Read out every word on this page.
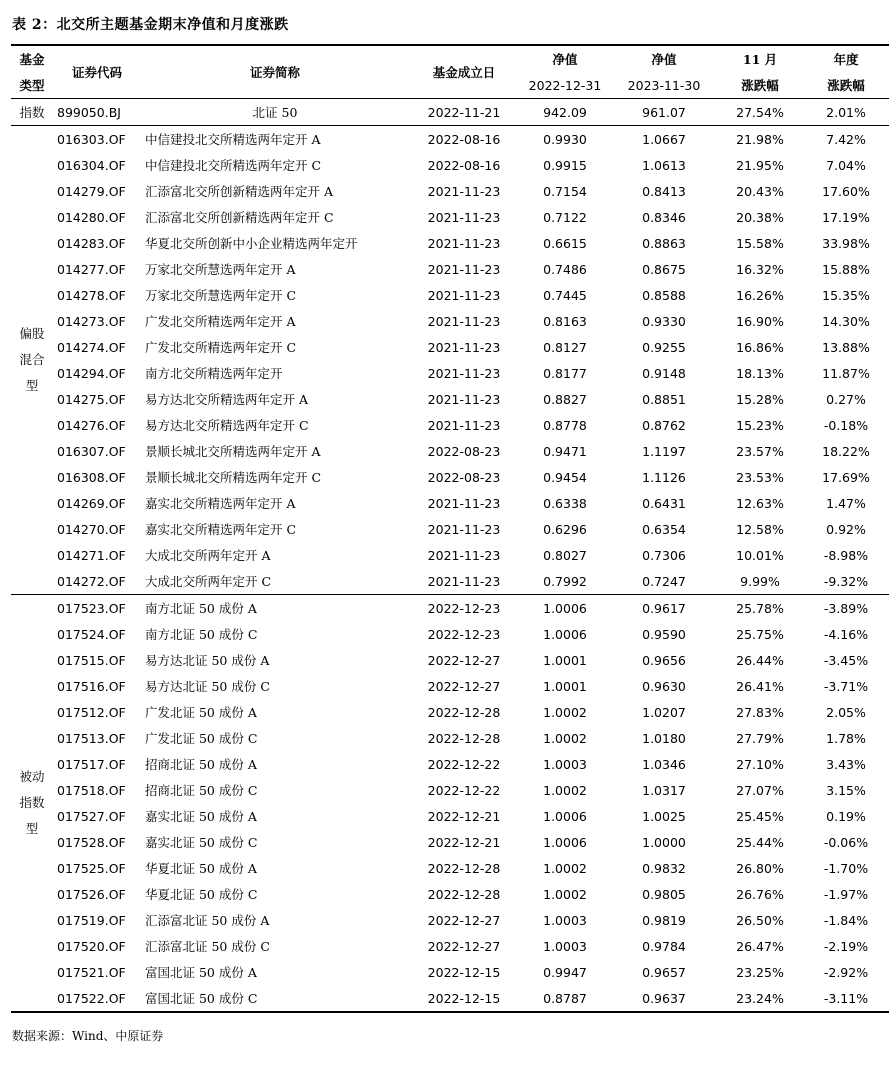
表 2：北交所主题基金期末净值和月度涨跌
基金	证券代码	证券简称	基金成立日	净值	净值	11 月	年度
类型				2022-12-31	2023-11-30	涨跌幅	涨跌幅
指数	899050.BJ	北证 50	2022-11-21	942.09	961.07	27.54%	2.01%

偏股
混合
型	016303.OF	中信建投北交所精选两年定开 A	2022-08-16	0.9930	1.0667	21.98%	7.42%
	016304.OF	中信建投北交所精选两年定开 C	2022-08-16	0.9915	1.0613	21.95%	7.04%
	014279.OF	汇添富北交所创新精选两年定开 A	2021-11-23	0.7154	0.8413	20.43%	17.60%
	014280.OF	汇添富北交所创新精选两年定开 C	2021-11-23	0.7122	0.8346	20.38%	17.19%
	014283.OF	华夏北交所创新中小企业精选两年定开	2021-11-23	0.6615	0.8863	15.58%	33.98%
	014277.OF	万家北交所慧选两年定开 A	2021-11-23	0.7486	0.8675	16.32%	15.88%
	014278.OF	万家北交所慧选两年定开 C	2021-11-23	0.7445	0.8588	16.26%	15.35%
	014273.OF	广发北交所精选两年定开 A	2021-11-23	0.8163	0.9330	16.90%	14.30%
	014274.OF	广发北交所精选两年定开 C	2021-11-23	0.8127	0.9255	16.86%	13.88%
	014294.OF	南方北交所精选两年定开	2021-11-23	0.8177	0.9148	18.13%	11.87%
	014275.OF	易方达北交所精选两年定开 A	2021-11-23	0.8827	0.8851	15.28%	0.27%
	014276.OF	易方达北交所精选两年定开 C	2021-11-23	0.8778	0.8762	15.23%	-0.18%
	016307.OF	景顺长城北交所精选两年定开 A	2022-08-23	0.9471	1.1197	23.57%	18.22%
	016308.OF	景顺长城北交所精选两年定开 C	2022-08-23	0.9454	1.1126	23.53%	17.69%
	014269.OF	嘉实北交所精选两年定开 A	2021-11-23	0.6338	0.6431	12.63%	1.47%
	014270.OF	嘉实北交所精选两年定开 C	2021-11-23	0.6296	0.6354	12.58%	0.92%
	014271.OF	大成北交所两年定开 A	2021-11-23	0.8027	0.7306	10.01%	-8.98%
	014272.OF	大成北交所两年定开 C	2021-11-23	0.7992	0.7247	9.99%	-9.32%

被动
指数
型	017523.OF	南方北证 50 成份 A	2022-12-23	1.0006	0.9617	25.78%	-3.89%
	017524.OF	南方北证 50 成份 C	2022-12-23	1.0006	0.9590	25.75%	-4.16%
	017515.OF	易方达北证 50 成份 A	2022-12-27	1.0001	0.9656	26.44%	-3.45%
	017516.OF	易方达北证 50 成份 C	2022-12-27	1.0001	0.9630	26.41%	-3.71%
	017512.OF	广发北证 50 成份 A	2022-12-28	1.0002	1.0207	27.83%	2.05%
	017513.OF	广发北证 50 成份 C	2022-12-28	1.0002	1.0180	27.79%	1.78%
	017517.OF	招商北证 50 成份 A	2022-12-22	1.0003	1.0346	27.10%	3.43%
	017518.OF	招商北证 50 成份 C	2022-12-22	1.0002	1.0317	27.07%	3.15%
	017527.OF	嘉实北证 50 成份 A	2022-12-21	1.0006	1.0025	25.45%	0.19%
	017528.OF	嘉实北证 50 成份 C	2022-12-21	1.0006	1.0000	25.44%	-0.06%
	017525.OF	华夏北证 50 成份 A	2022-12-28	1.0002	0.9832	26.80%	-1.70%
	017526.OF	华夏北证 50 成份 C	2022-12-28	1.0002	0.9805	26.76%	-1.97%
	017519.OF	汇添富北证 50 成份 A	2022-12-27	1.0003	0.9819	26.50%	-1.84%
	017520.OF	汇添富北证 50 成份 C	2022-12-27	1.0003	0.9784	26.47%	-2.19%
	017521.OF	富国北证 50 成份 A	2022-12-15	0.9947	0.9657	23.25%	-2.92%
	017522.OF	富国北证 50 成份 C	2022-12-15	0.8787	0.9637	23.24%	-3.11%
数据来源：Wind、中原证券
